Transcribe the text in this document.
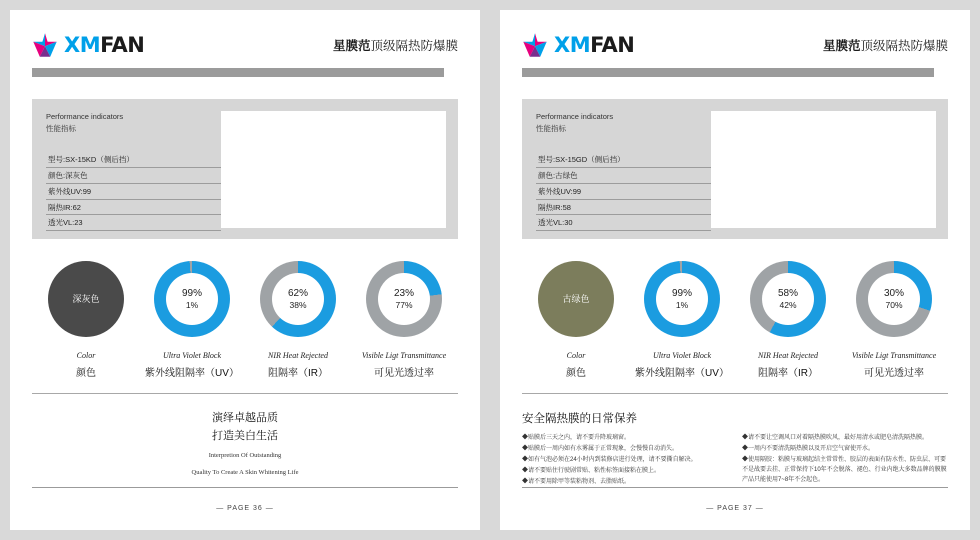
XMFAN	星膜范顶级隔热防爆膜
Performance indicators
性能指标
型号:SX-15KD（侧后挡）
颜色:深灰色
紫外线UV:99
隔热IR:62
透光VL:23
深灰色
Color
颜色
99%
1%
Ultra Violet Block
紫外线阻隔率（UV）
62%
38%
NIR Heat Rejected
阻隔率（IR）
23%
77%
Visible Ligt Transmittance
可见光透过率
演绎卓越品质
打造美白生活
Interpretion Of Outstanding
Quality To Create A Skin Whitening Life
— PAGE 36 —
XMFAN	星膜范顶级隔热防爆膜
Performance indicators
性能指标
型号:SX-15GD（侧后挡）
颜色:古绿色
紫外线UV:99
隔热IR:58
透光VL:30
古绿色
Color
颜色
99%
1%
Ultra Violet Block
紫外线阻隔率（UV）
58%
42%
NIR Heat Rejected
阻隔率（IR）
30%
70%
Visible Ligt Transmittance
可见光透过率
安全隔热膜的日常保养
◆贴膜后三天之内，请不要升降玻璃窗。
◆贴膜后一周内如有水雾属于正常现象，会慢慢自动消失。
◆如有气泡必须在24小时内到装修店进行处理，请不要撕自解决。
◆请不要贴住行驶剧常贴、粘性标签面接粘在膜上。
◆请不要用除甲等装粘物剂、去脂贴纸。
◆请不要让空调风口对着隔热膜吹风，最好用清水或肥皂清洗隔热膜。
◆一周内不要清洗隔热膜以及开启空气窗使开水。
◆使用隔胶：粘膜与玻璃起结主常常性、胶层的表面有防水性、防虫层、可要不是战要去挂、正常保持下10年不会脱落、褪色、行业内绝大多数品牌的膜膜产品只能使用7~8年不会起色。
— PAGE 37 —
